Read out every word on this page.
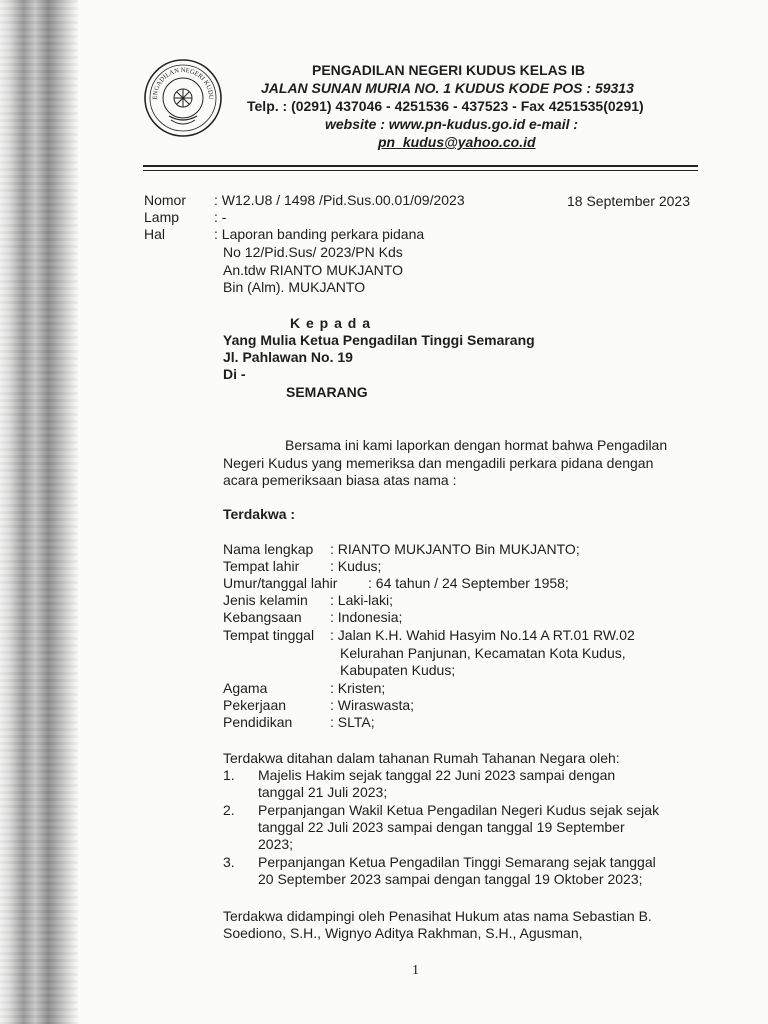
ENGADILAN NEGERI KUDU
PENGADILAN NEGERI KUDUS KELAS IB
JALAN SUNAN MURIA NO. 1 KUDUS KODE POS : 59313
Telp. : (0291) 437046 - 4251536 - 437523 - Fax 4251535(0291)
website : www.pn-kudus.go.id e-mail :
pn_kudus@yahoo.co.id
Nomor : W12.U8 / 1498 /Pid.Sus.00.01/09/2023	18 September 2023
Lamp : -
Hal	: Laporan banding perkara pidana
No 12/Pid.Sus/ 2023/PN Kds
An.tdw RIANTO MUKJANTO
Bin (Alm). MUKJANTO
K e p a d a
Yang Mulia Ketua Pengadilan Tinggi Semarang
Jl. Pahlawan No. 19
Di -
SEMARANG
Bersama ini kami laporkan dengan hormat bahwa Pengadilan
Negeri Kudus yang memeriksa dan mengadili perkara pidana dengan
acara pemeriksaan biasa atas nama :
Terdakwa :
Nama lengkap : RIANTO MUKJANTO Bin MUKJANTO;
Tempat lahir : Kudus;
Umur/tanggal lahir : 64 tahun / 24 September 1958;
Jenis kelamin : Laki-laki;
Kebangsaan : Indonesia;
Tempat tinggal : Jalan K.H. Wahid Hasyim No.14 A RT.01 RW.02
Kelurahan Panjunan, Kecamatan Kota Kudus,
Kabupaten Kudus;
Agama	: Kristen;
Pekerjaan	: Wiraswasta;
Pendidikan	: SLTA;
Terdakwa ditahan dalam tahanan Rumah Tahanan Negara oleh:
1. Majelis Hakim sejak tanggal 22 Juni 2023 sampai dengan
tanggal 21 Juli 2023;
2. Perpanjangan Wakil Ketua Pengadilan Negeri Kudus sejak sejak
tanggal 22 Juli 2023 sampai dengan tanggal 19 September
2023;
3. Perpanjangan Ketua Pengadilan Tinggi Semarang sejak tanggal
20 September 2023 sampai dengan tanggal 19 Oktober 2023;
Terdakwa didampingi oleh Penasihat Hukum atas nama Sebastian B.
Soediono, S.H., Wignyo Aditya Rakhman, S.H., Agusman,
1
